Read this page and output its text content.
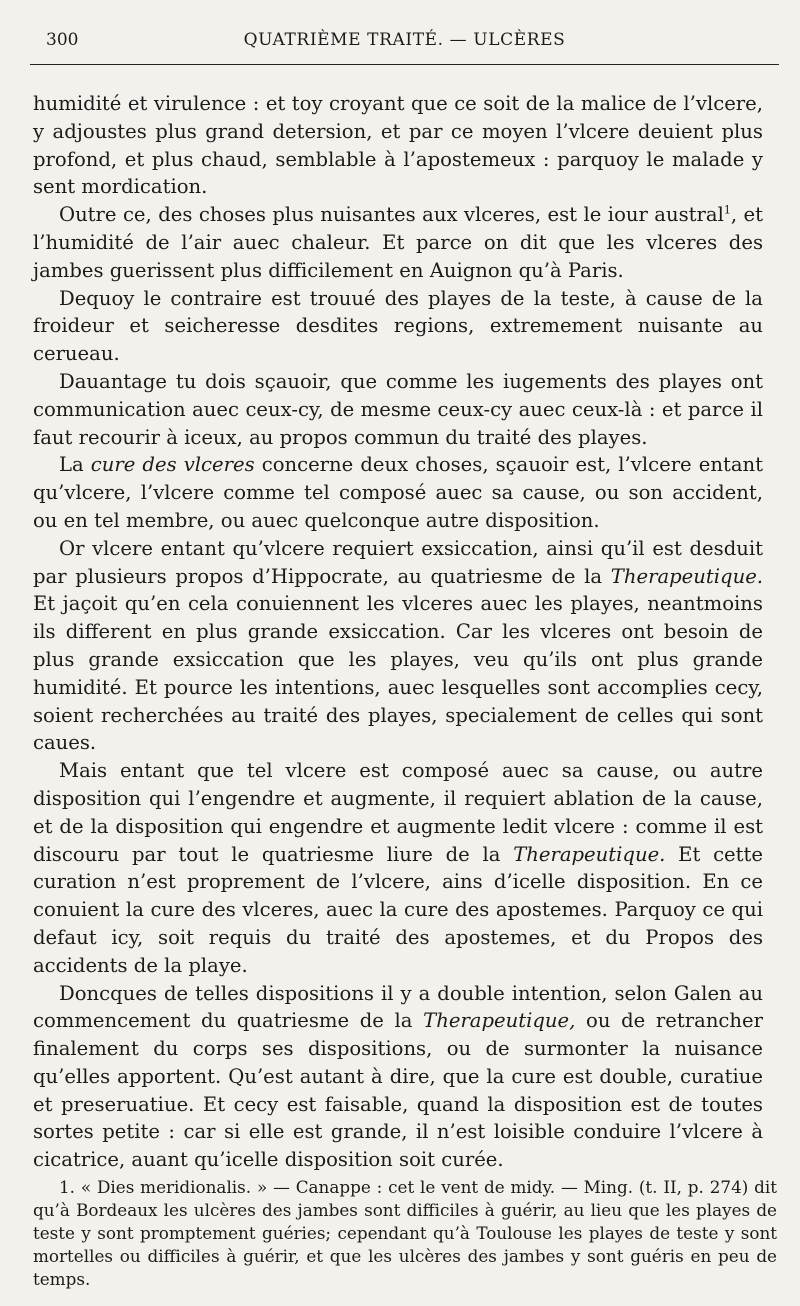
300	QUATRIÈME TRAITÉ. — ULCÈRES

humidité et virulence : et toy croyant que ce soit de la malice de l’vlcere, y adjoustes plus grand detersion, et par ce moyen l’vlcere deuient plus profond, et plus chaud, semblable à l’apostemeux : parquoy le malade y sent mordication.

Outre ce, des choses plus nuisantes aux vlceres, est le iour austral$^1$, et l’humidité de l’air auec chaleur. Et parce on dit que les vlceres des jambes guerissent plus difficilement en Auignon qu’à Paris.

Dequoy le contraire est trouué des playes de la teste, à cause de la froideur et seicheresse desdites regions, extremement nuisante au cerueau.

Dauantage tu dois sçauoir, que comme les iugements des playes ont communication auec ceux-cy, de mesme ceux-cy auec ceux-là : et parce il faut recourir à iceux, au propos commun du traité des playes.

La cure des vlceres concerne deux choses, sçauoir est, l’vlcere entant qu’vlcere, l’vlcere comme tel composé auec sa cause, ou son accident, ou en tel membre, ou auec quelconque autre disposition.

Or vlcere entant qu’vlcere requiert exsiccation, ainsi qu’il est desduit par plusieurs propos d’Hippocrate, au quatriesme de la Therapeutique. Et jaçoit qu’en cela conuiennent les vlceres auec les playes, neantmoins ils different en plus grande exsiccation. Car les vlceres ont besoin de plus grande exsiccation que les playes, veu qu’ils ont plus grande humidité. Et pource les intentions, auec lesquelles sont accomplies cecy, soient recherchées au traité des playes, specialement de celles qui sont caues.

Mais entant que tel vlcere est composé auec sa cause, ou autre disposition qui l’engendre et augmente, il requiert ablation de la cause, et de la disposition qui engendre et augmente ledit vlcere : comme il est discouru par tout le quatriesme liure de la Therapeutique. Et cette curation n’est proprement de l’vlcere, ains d’icelle disposition. En ce conuient la cure des vlceres, auec la cure des apostemes. Parquoy ce qui defaut icy, soit requis du traité des apostemes, et du Propos des accidents de la playe.

Doncques de telles dispositions il y a double intention, selon Galen au commencement du quatriesme de la Therapeutique, ou de retrancher finalement du corps ses dispositions, ou de surmonter la nuisance qu’elles apportent. Qu’est autant à dire, que la cure est double, curatiue et preseruatiue. Et cecy est faisable, quand la disposition est de toutes sortes petite : car si elle est grande, il n’est loisible conduire l’vlcere à cicatrice, auant qu’icelle disposition soit curée.

1. « Dies meridionalis. » — Canappe : cet le vent de midy. — Ming. (t. II, p. 274) dit qu’à Bordeaux les ulcères des jambes sont difficiles à guérir, au lieu que les playes de teste y sont promptement guéries; cependant qu’à Toulouse les playes de teste y sont mortelles ou difficiles à guérir, et que les ulcères des jambes y sont guéris en peu de temps.
